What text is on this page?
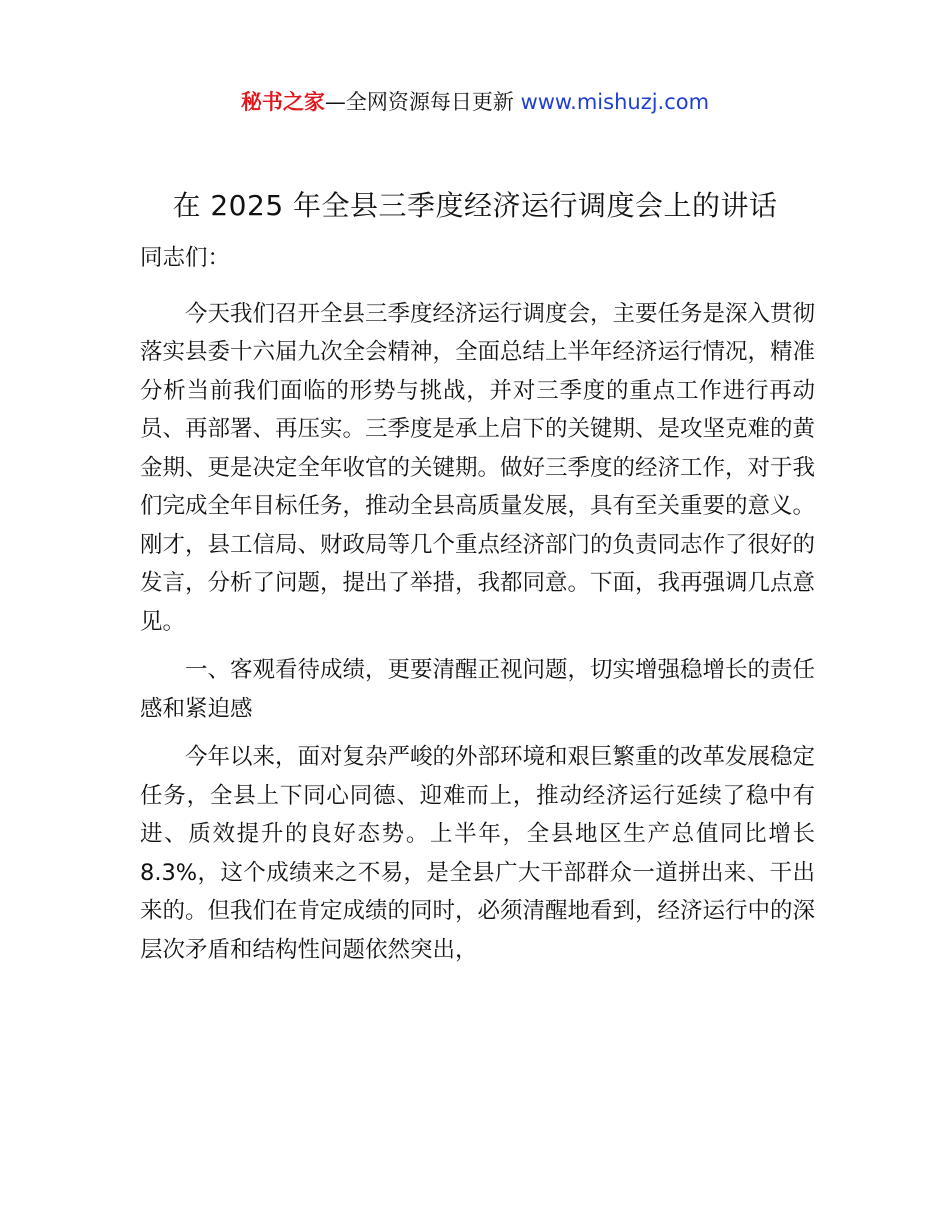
秘书之家—全网资源每日更新 www.mishuzj.com
在 2025 年全县三季度经济运行调度会上的讲话

同志们：

今天我们召开全县三季度经济运行调度会，主要任务是深入贯彻落实县委十六届九次全会精神，全面总结上半年经济运行情况，精准分析当前我们面临的形势与挑战，并对三季度的重点工作进行再动员、再部署、再压实。三季度是承上启下的关键期、是攻坚克难的黄金期、更是决定全年收官的关键期。做好三季度的经济工作，对于我们完成全年目标任务，推动全县高质量发展，具有至关重要的意义。刚才，县工信局、财政局等几个重点经济部门的负责同志作了很好的发言，分析了问题，提出了举措，我都同意。下面，我再强调几点意见。

一、客观看待成绩，更要清醒正视问题，切实增强稳增长的责任感和紧迫感

今年以来，面对复杂严峻的外部环境和艰巨繁重的改革发展稳定任务，全县上下同心同德、迎难而上，推动经济运行延续了稳中有进、质效提升的良好态势。上半年，全县地区生产总值同比增长 8.3%，这个成绩来之不易，是全县广大干部群众一道拼出来、干出来的。但我们在肯定成绩的同时，必须清醒地看到，经济运行中的深层次矛盾和结构性问题依然突出，
